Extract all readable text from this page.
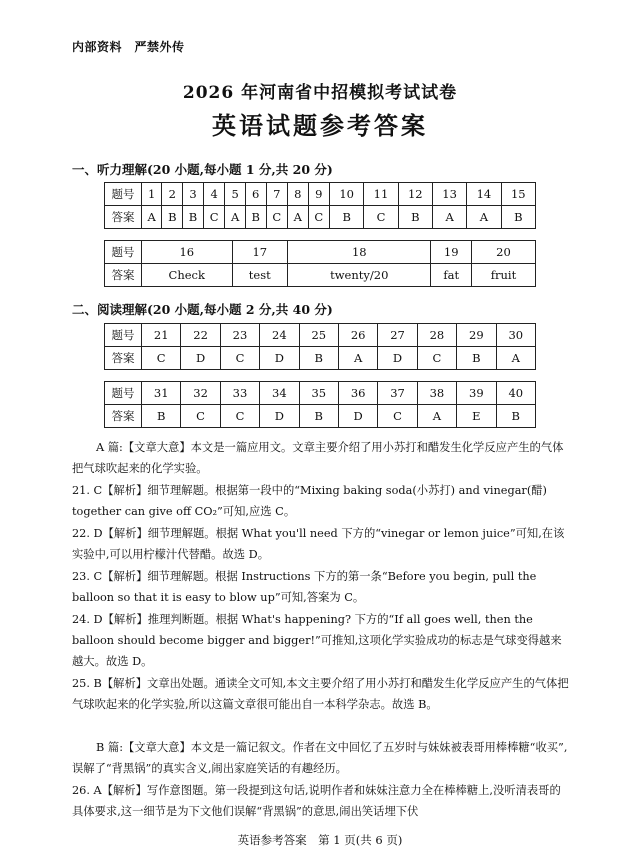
内部资料　严禁外传
2026 年河南省中招模拟考试试卷
英语试题参考答案
一、听力理解(20 小题,每小题 1 分,共 20 分)
题号	1	2	3	4	5	6	7	8	9	10	11	12	13	14	15
答案	A	B	B	C	A	B	C	A	C	B	C	B	A	A	B
题号	16	17	18	19	20
答案	Check	test	twenty/20	fat	fruit
二、阅读理解(20 小题,每小题 2 分,共 40 分)
题号	21	22	23	24	25	26	27	28	29	30
答案	C	D	C	D	B	A	D	C	B	A
题号	31	32	33	34	35	36	37	38	39	40
答案	B	C	C	D	B	D	C	A	E	B
A 篇:【文章大意】本文是一篇应用文。文章主要介绍了用小苏打和醋发生化学反应产生的气体把气球吹起来的化学实验。
21. C【解析】细节理解题。根据第一段中的“Mixing baking soda(小苏打) and vinegar(醋) together can give off CO₂”可知,应选 C。
22. D【解析】细节理解题。根据 What you'll need 下方的“vinegar or lemon juice”可知,在该实验中,可以用柠檬汁代替醋。故选 D。
23. C【解析】细节理解题。根据 Instructions 下方的第一条“Before you begin, pull the balloon so that it is easy to blow up”可知,答案为 C。
24. D【解析】推理判断题。根据 What's happening? 下方的“If all goes well, then the balloon should become bigger and bigger!”可推知,这项化学实验成功的标志是气球变得越来越大。故选 D。
25. B【解析】文章出处题。通读全文可知,本文主要介绍了用小苏打和醋发生化学反应产生的气体把气球吹起来的化学实验,所以这篇文章很可能出自一本科学杂志。故选 B。
B 篇:【文章大意】本文是一篇记叙文。作者在文中回忆了五岁时与妹妹被表哥用棒棒糖“收买”,误解了“背黑锅”的真实含义,闹出家庭笑话的有趣经历。
26. A【解析】写作意图题。第一段提到这句话,说明作者和妹妹注意力全在棒棒糖上,没听清表哥的具体要求,这一细节是为下文他们误解“背黑锅”的意思,闹出笑话埋下伏
英语参考答案　第 1 页(共 6 页)
